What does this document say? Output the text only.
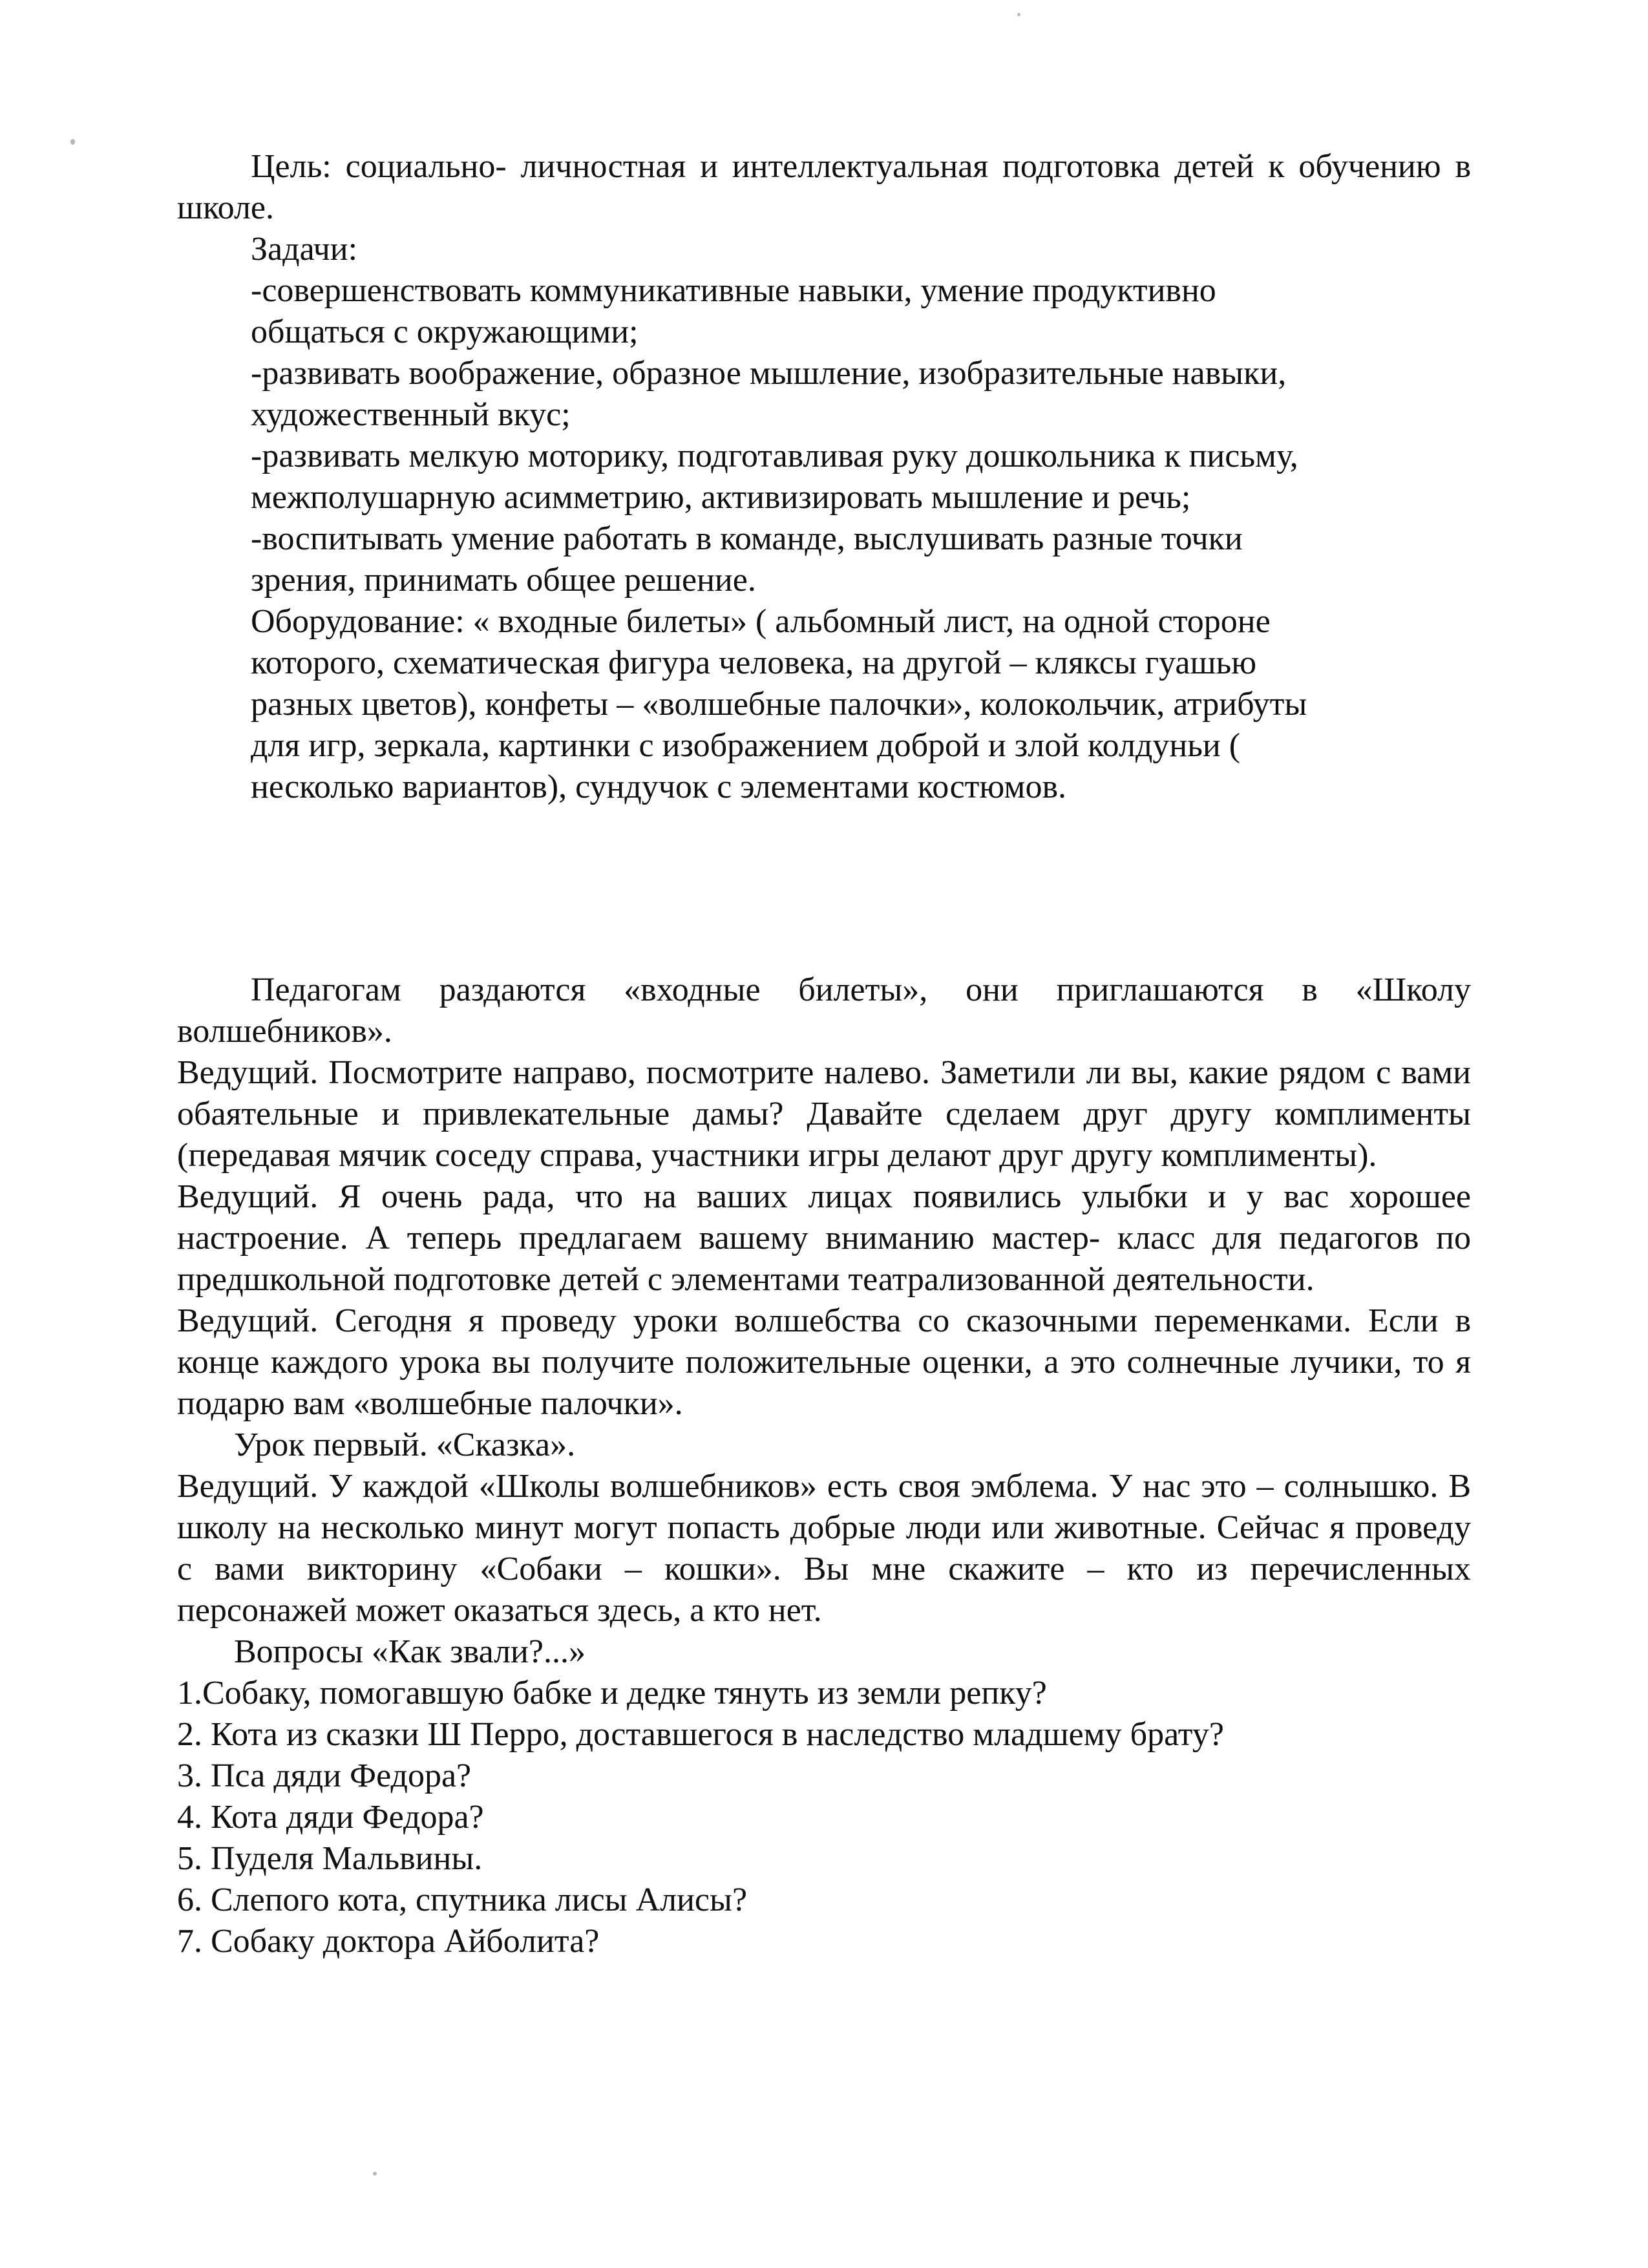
Цель: социально- личностная и интеллектуальная подготовка детей к обучению в школе.

Задачи:

-совершенствовать коммуникативные навыки, умение продуктивно общаться с окружающими;

-развивать воображение, образное мышление, изобразительные навыки, художественный вкус;

-развивать мелкую моторику, подготавливая руку дошкольника к письму, межполушарную асимметрию, активизировать мышление и речь;

-воспитывать умение работать в команде, выслушивать разные точки зрения, принимать общее решение.

Оборудование: « входные билеты» ( альбомный лист, на одной стороне которого, схематическая фигура человека, на другой – кляксы гуашью разных цветов), конфеты – «волшебные палочки», колокольчик, атрибуты для игр, зеркала, картинки с изображением доброй и злой колдуньи ( несколько вариантов), сундучок с элементами костюмов.

Педагогам раздаются «входные билеты», они приглашаются в «Школу волшебников».

Ведущий. Посмотрите направо, посмотрите налево. Заметили ли вы, какие рядом с вами обаятельные и привлекательные дамы? Давайте сделаем друг другу комплименты (передавая мячик соседу справа, участники игры делают друг другу комплименты).

Ведущий. Я очень рада, что на ваших лицах появились улыбки и у вас хорошее настроение. А теперь предлагаем вашему вниманию мастер- класс для педагогов по предшкольной подготовке детей с элементами театрализованной деятельности.

Ведущий. Сегодня я проведу уроки волшебства со сказочными переменками. Если в конце каждого урока вы получите положительные оценки, а это солнечные лучики, то я подарю вам «волшебные палочки».

Урок первый. «Сказка».

Ведущий. У каждой «Школы волшебников» есть своя эмблема. У нас это – солнышко. В школу на несколько минут могут попасть добрые люди или животные. Сейчас я проведу с вами викторину «Собаки – кошки». Вы мне скажите – кто из перечисленных персонажей может оказаться здесь, а кто нет.

Вопросы «Как звали?...»

1.Собаку, помогавшую бабке и дедке тянуть из земли репку?

2. Кота из сказки Ш Перро, доставшегося в наследство младшему брату?

3. Пса дяди Федора?

4. Кота дяди Федора?

5. Пуделя Мальвины.

6. Слепого кота, спутника лисы Алисы?

7. Собаку доктора Айболита?
